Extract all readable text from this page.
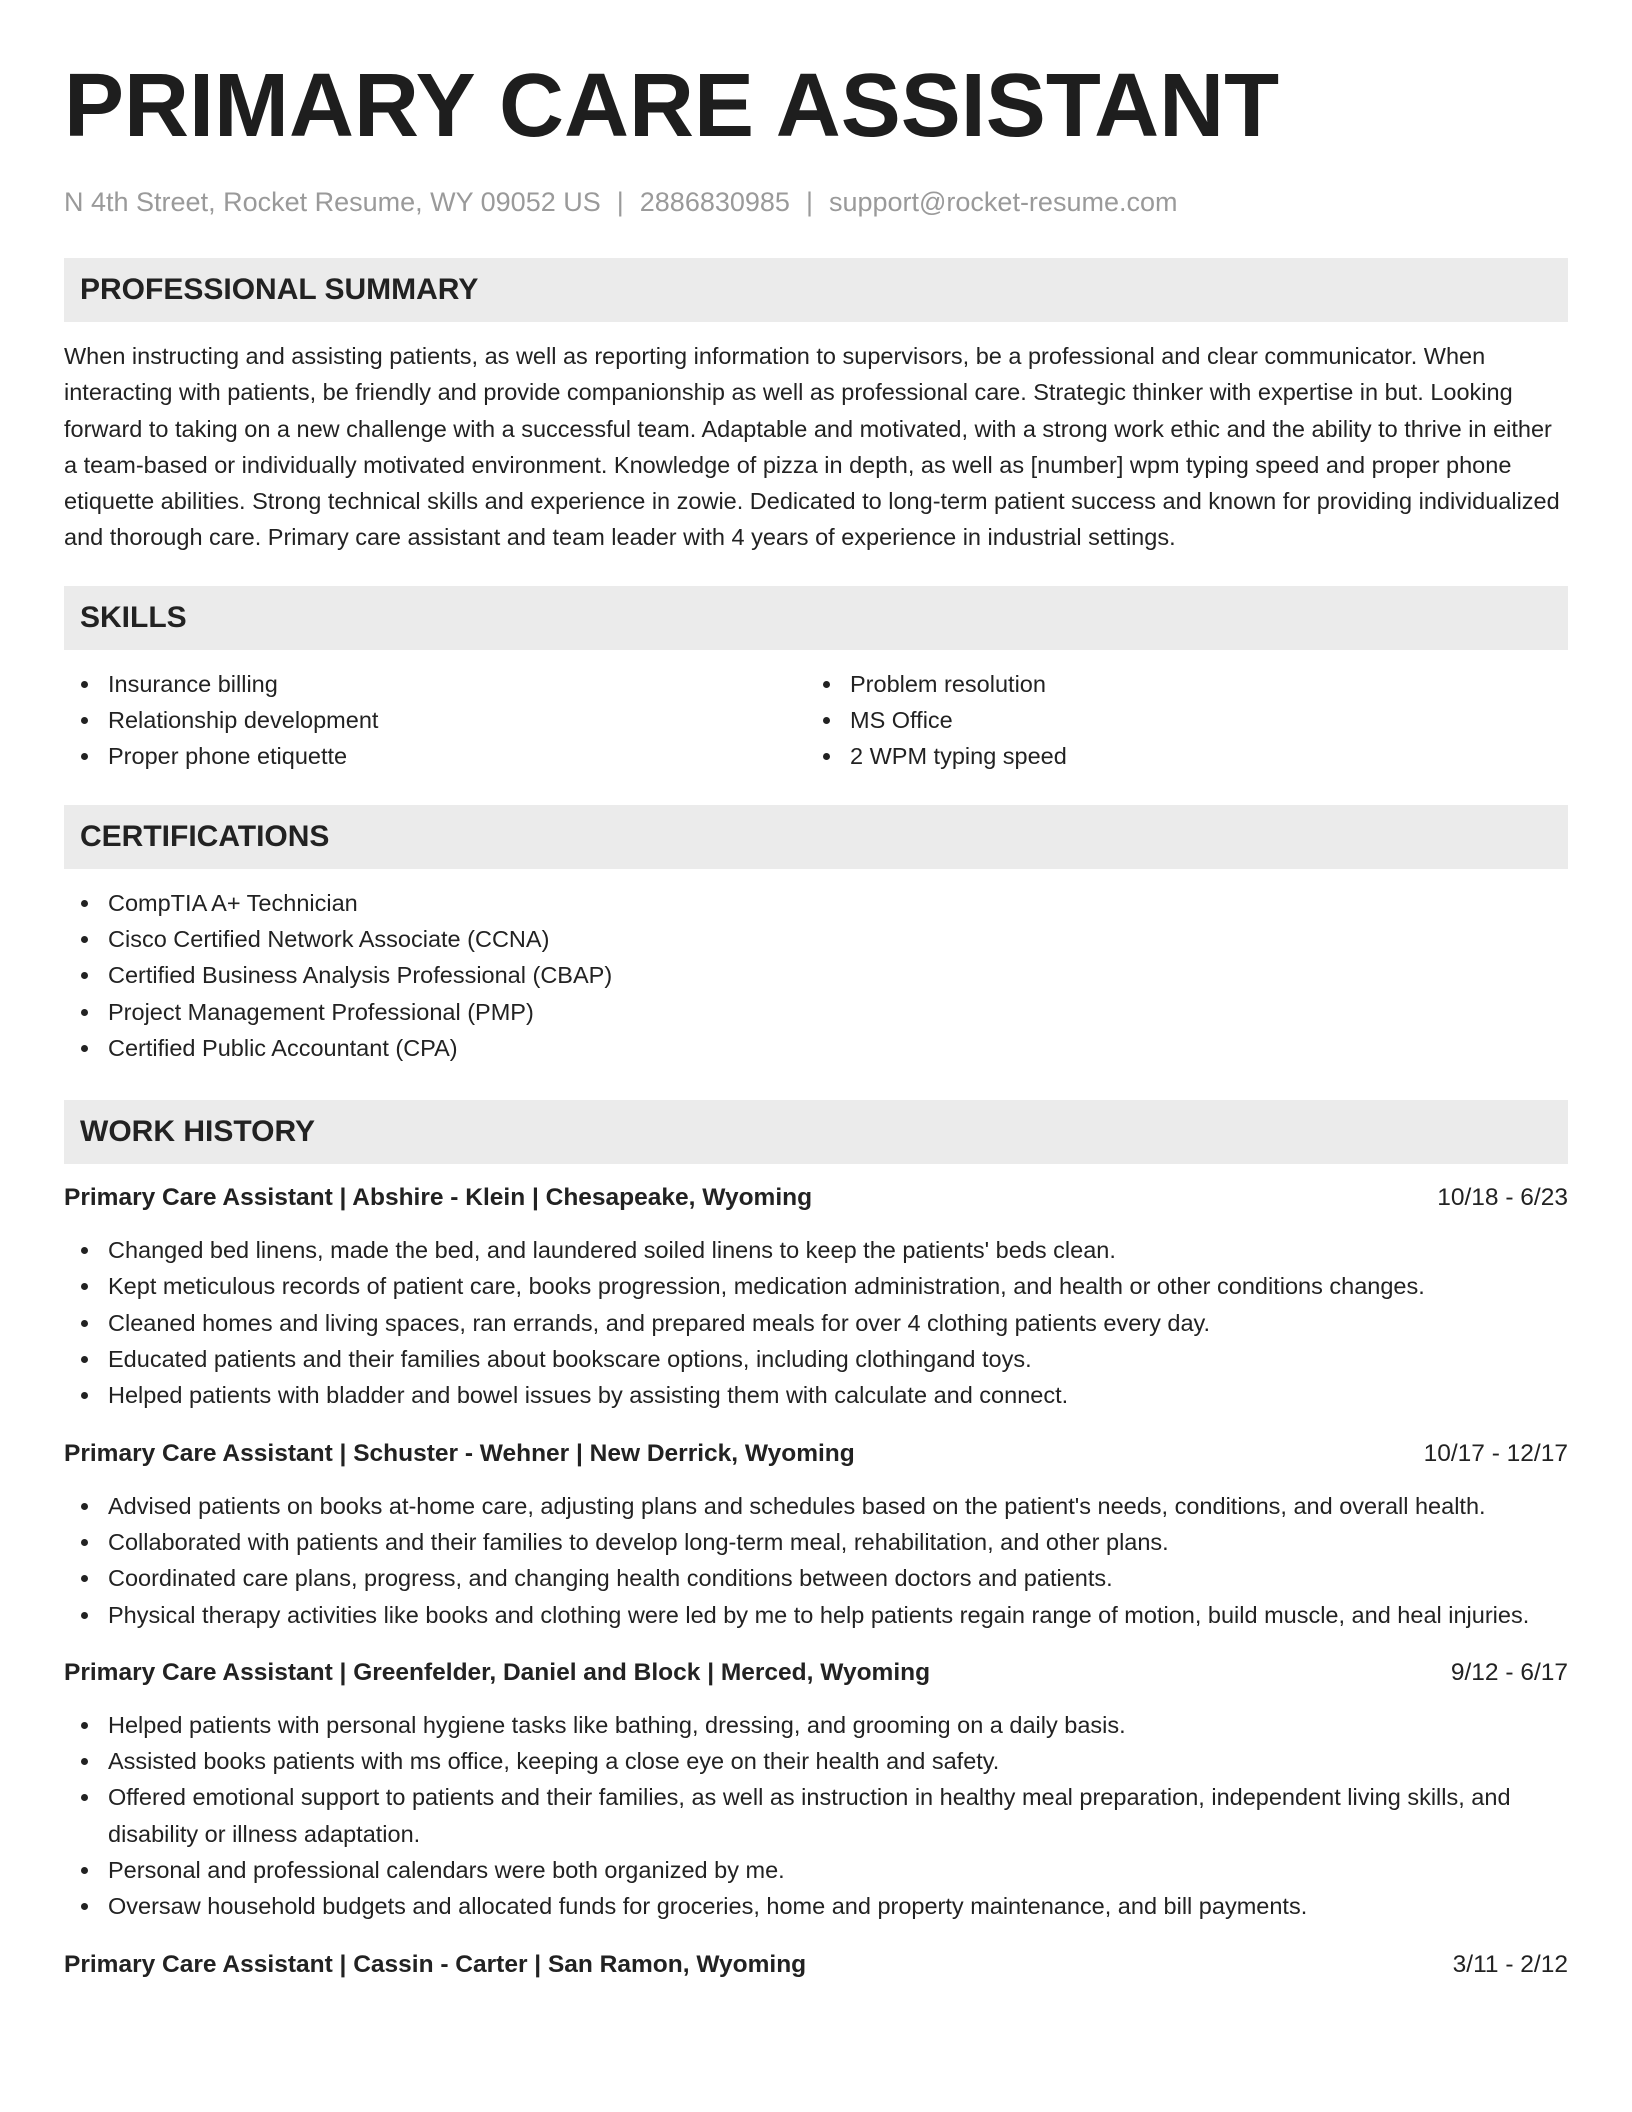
PRIMARY CARE ASSISTANT
N 4th Street, Rocket Resume, WY 09052 US | 2886830985 | support@rocket-resume.com
PROFESSIONAL SUMMARY

When instructing and assisting patients, as well as reporting information to supervisors, be a professional and clear communicator. When interacting with patients, be friendly and provide companionship as well as professional care. Strategic thinker with expertise in but. Looking forward to taking on a new challenge with a successful team. Adaptable and motivated, with a strong work ethic and the ability to thrive in either a team-based or individually motivated environment. Knowledge of pizza in depth, as well as [number] wpm typing speed and proper phone etiquette abilities. Strong technical skills and experience in zowie. Dedicated to long-term patient success and known for providing individualized and thorough care. Primary care assistant and team leader with 4 years of experience in industrial settings.

SKILLS
Insurance billing
Relationship development
Proper phone etiquette
Problem resolution
MS Office
2 WPM typing speed
CERTIFICATIONS
CompTIA A+ Technician
Cisco Certified Network Associate (CCNA)
Certified Business Analysis Professional (CBAP)
Project Management Professional (PMP)
Certified Public Accountant (CPA)
WORK HISTORY
Primary Care Assistant | Abshire - Klein | Chesapeake, Wyoming	10/18 - 6/23
Changed bed linens, made the bed, and laundered soiled linens to keep the patients' beds clean.
Kept meticulous records of patient care, books progression, medication administration, and health or other conditions changes.
Cleaned homes and living spaces, ran errands, and prepared meals for over 4 clothing patients every day.
Educated patients and their families about bookscare options, including clothingand toys.
Helped patients with bladder and bowel issues by assisting them with calculate and connect.
Primary Care Assistant | Schuster - Wehner | New Derrick, Wyoming	10/17 - 12/17
Advised patients on books at-home care, adjusting plans and schedules based on the patient's needs, conditions, and overall health.
Collaborated with patients and their families to develop long-term meal, rehabilitation, and other plans.
Coordinated care plans, progress, and changing health conditions between doctors and patients.
Physical therapy activities like books and clothing were led by me to help patients regain range of motion, build muscle, and heal injuries.
Primary Care Assistant | Greenfelder, Daniel and Block | Merced, Wyoming	9/12 - 6/17
Helped patients with personal hygiene tasks like bathing, dressing, and grooming on a daily basis.
Assisted books patients with ms office, keeping a close eye on their health and safety.
Offered emotional support to patients and their families, as well as instruction in healthy meal preparation, independent living skills, and disability or illness adaptation.
Personal and professional calendars were both organized by me.
Oversaw household budgets and allocated funds for groceries, home and property maintenance, and bill payments.
Primary Care Assistant | Cassin - Carter | San Ramon, Wyoming	3/11 - 2/12
